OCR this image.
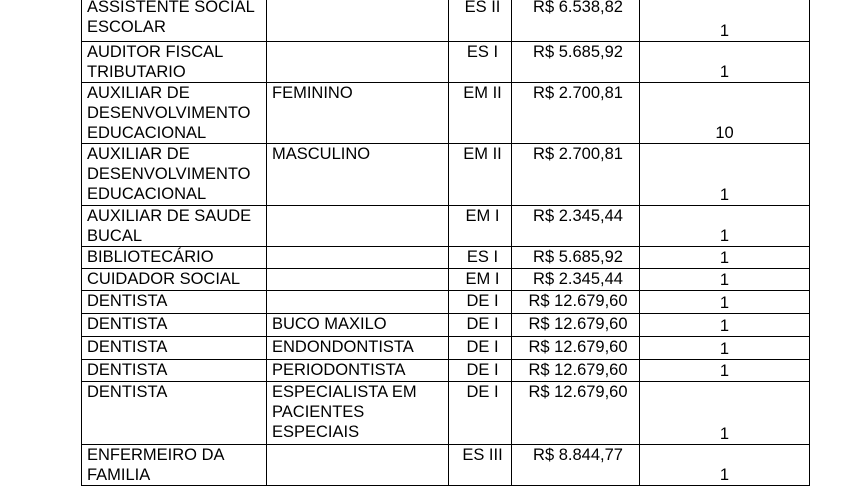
ASSISTENTE SOCIAL ESCOLAR		ES II	R$ 6.538,82	1
AUDITOR FISCAL TRIBUTARIO		ES I	R$ 5.685,92	1
AUXILIAR DE DESENVOLVIMENTO EDUCACIONAL	FEMININO	EM II	R$ 2.700,81	10
AUXILIAR DE DESENVOLVIMENTO EDUCACIONAL	MASCULINO	EM II	R$ 2.700,81	1
AUXILIAR DE SAUDE BUCAL		EM I	R$ 2.345,44	1
BIBLIOTECÁRIO		ES I	R$ 5.685,92	1
CUIDADOR SOCIAL		EM I	R$ 2.345,44	1
DENTISTA		DE I	R$ 12.679,60	1
DENTISTA	BUCO MAXILO	DE I	R$ 12.679,60	1
DENTISTA	ENDONDONTISTA	DE I	R$ 12.679,60	1
DENTISTA	PERIODONTISTA	DE I	R$ 12.679,60	1
DENTISTA	ESPECIALISTA EM PACIENTES ESPECIAIS	DE I	R$ 12.679,60	1
ENFERMEIRO DA FAMILIA		ES III	R$ 8.844,77	1
